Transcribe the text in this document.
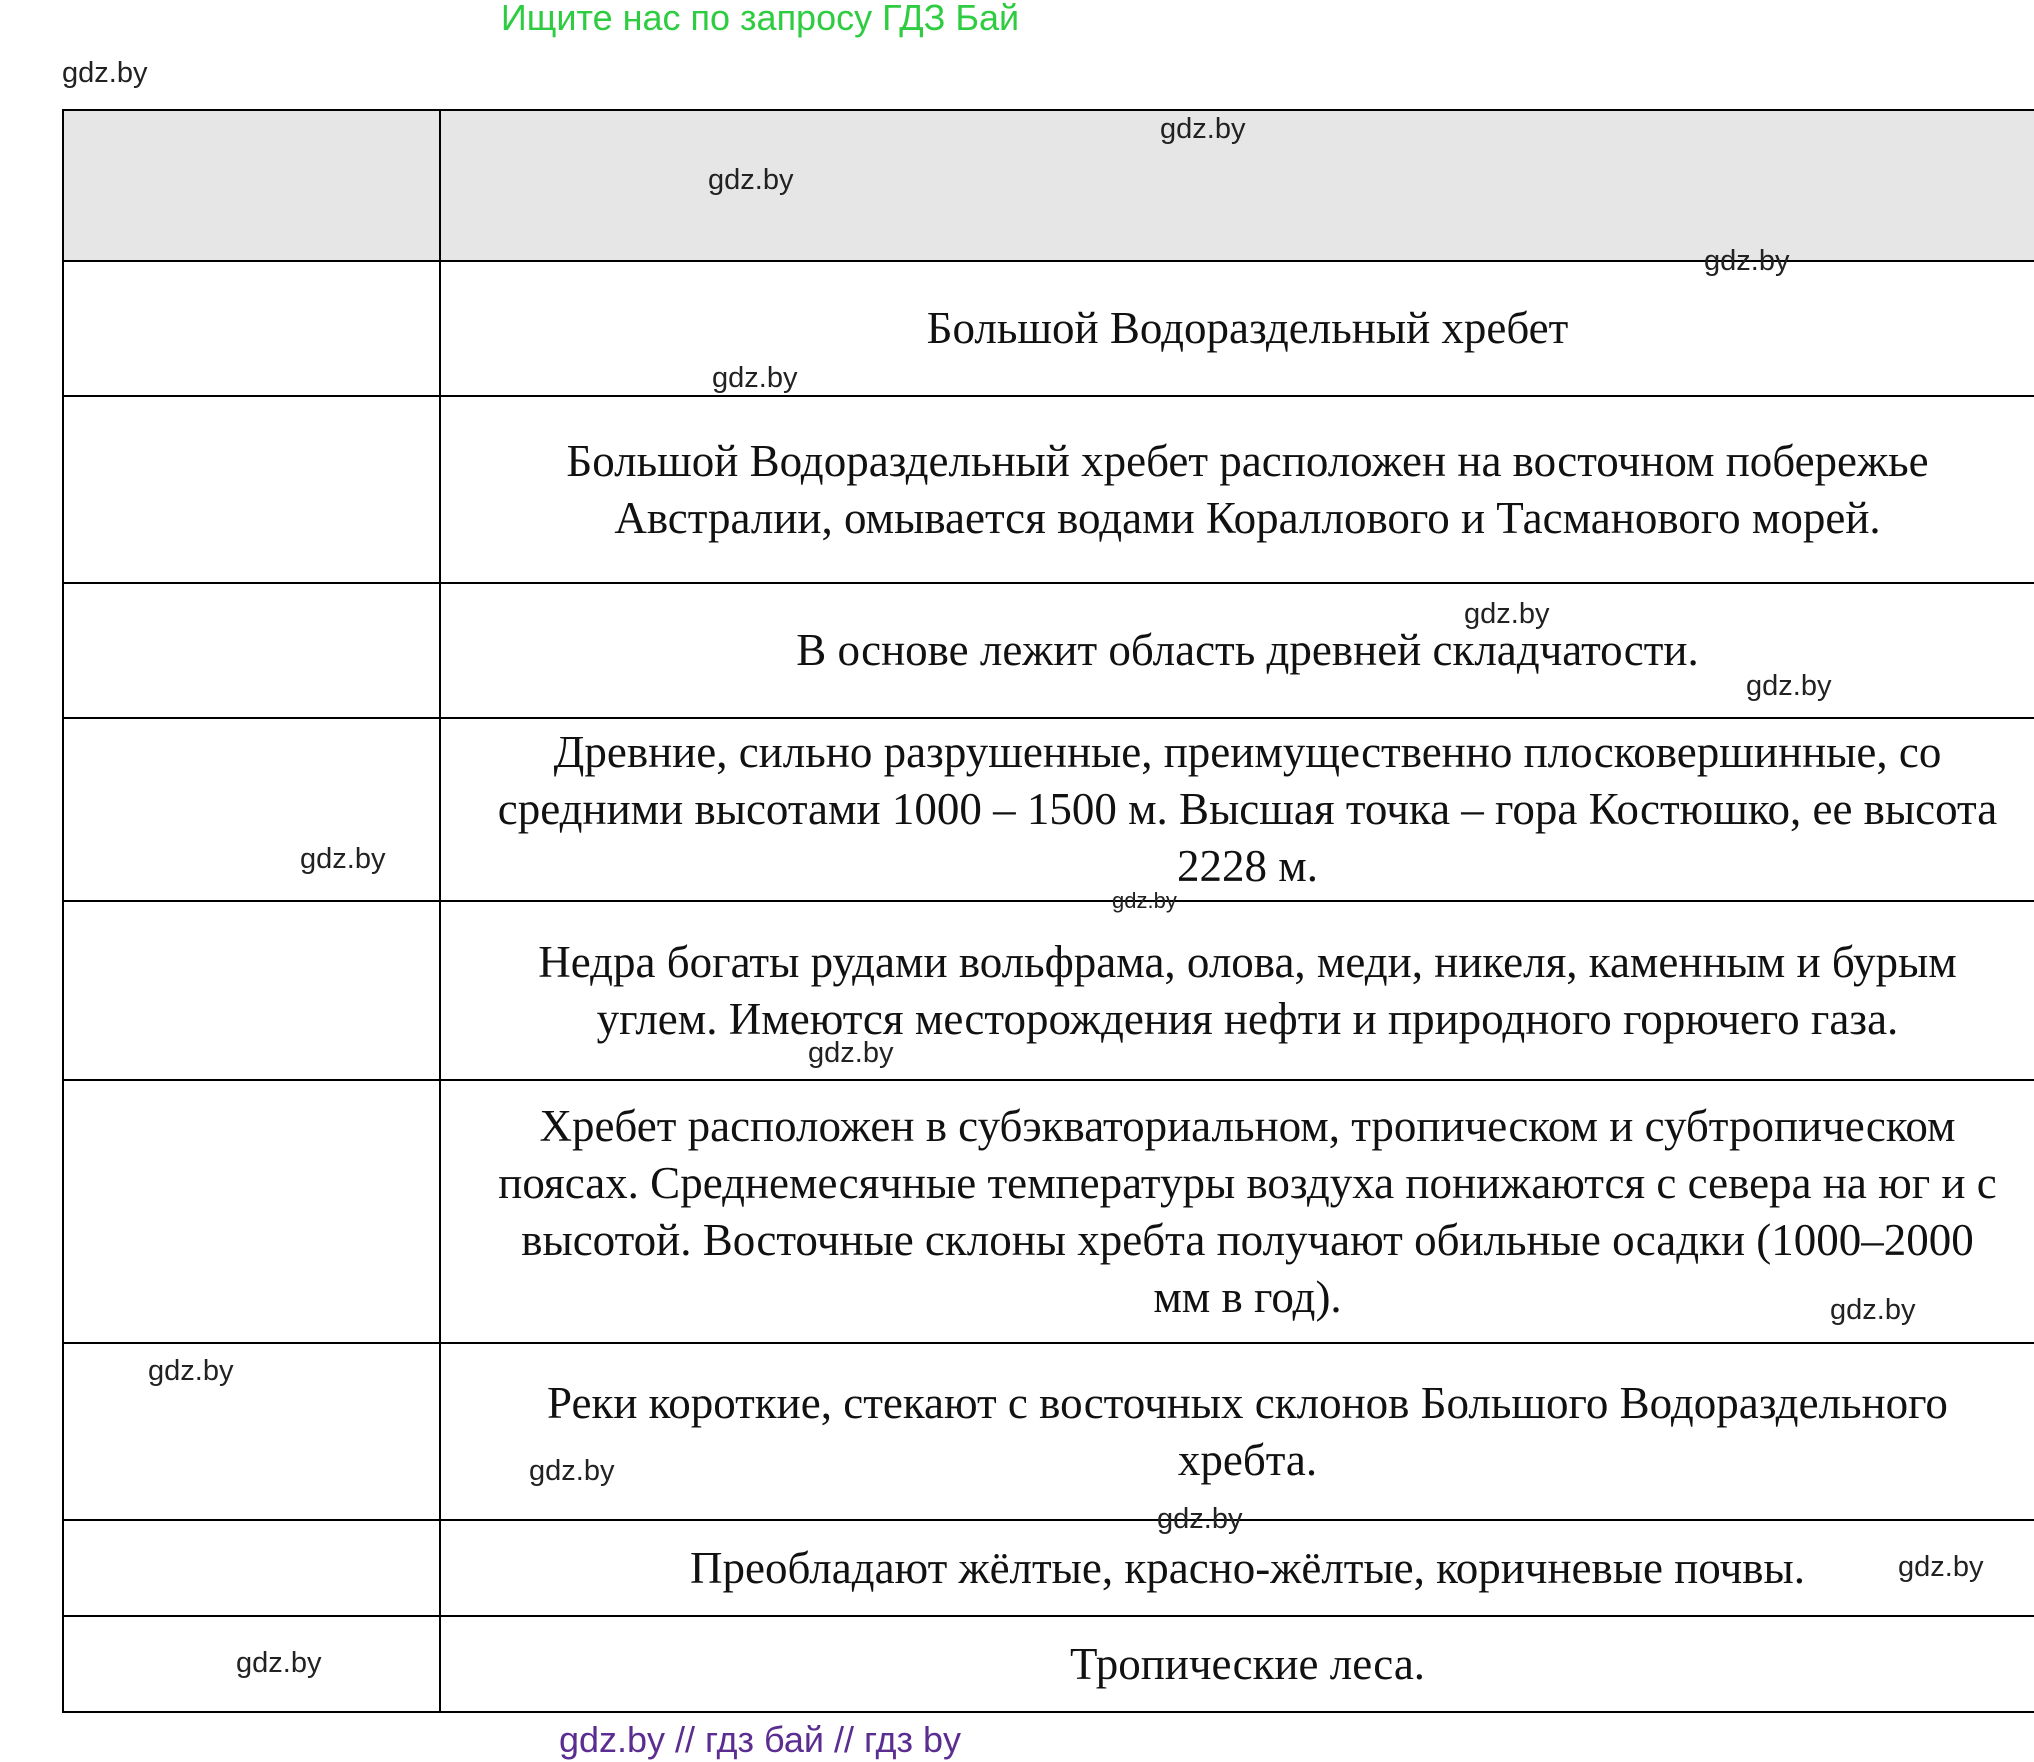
Ищите нас по запросу ГДЗ Бай
Большой Водораздельный хребет
Большой Водораздельный хребет расположен на восточном побережье Австралии, омывается водами Кораллового и Тасманового морей.
В основе лежит область древней складчатости.
Древние, сильно разрушенные, преимущественно плосковершинные, со средними высотами 1000 – 1500 м. Высшая точка – гора Костюшко, ее высота 2228 м.
Недра богаты рудами вольфрама, олова, меди, никеля, каменным и бурым углем. Имеются месторождения нефти и природного горючего газа.
Хребет расположен в субэкваториальном, тропическом и субтропическом поясах. Среднемесячные температуры воздуха понижаются с севера на юг и с высотой. Восточные склоны хребта получают обильные осадки (1000–2000 мм в год).
Реки короткие, стекают с восточных склонов Большого Водораздельного хребта.
Преобладают жёлтые, красно-жёлтые, коричневые почвы.
Тропические леса.
gdz.by
gdz.by
gdz.by
gdz.by
gdz.by
gdz.by
gdz.by
gdz.by
gdz.by
gdz.by
gdz.by
gdz.by
gdz.by
gdz.by
gdz.by
gdz.by
gdz.by // гдз бай // гдз by
